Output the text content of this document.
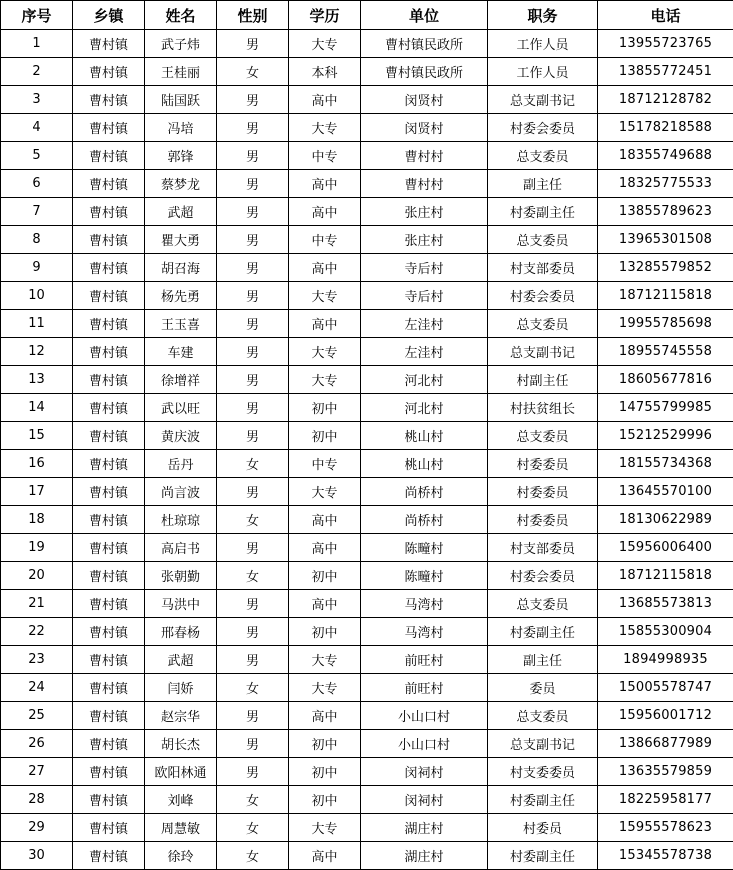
序号	乡镇	姓名	性别	学历	单位	职务	电话
1	曹村镇	武子炜	男	大专	曹村镇民政所	工作人员	13955723765
2	曹村镇	王桂丽	女	本科	曹村镇民政所	工作人员	13855772451
3	曹村镇	陆国跃	男	高中	闵贤村	总支副书记	18712128782
4	曹村镇	冯培	男	大专	闵贤村	村委会委员	15178218588
5	曹村镇	郭锋	男	中专	曹村村	总支委员	18355749688
6	曹村镇	蔡梦龙	男	高中	曹村村	副主任	18325775533
7	曹村镇	武超	男	高中	张庄村	村委副主任	13855789623
8	曹村镇	瞿大勇	男	中专	张庄村	总支委员	13965301508
9	曹村镇	胡召海	男	高中	寺后村	村支部委员	13285579852
10	曹村镇	杨先勇	男	大专	寺后村	村委会委员	18712115818
11	曹村镇	王玉喜	男	高中	左洼村	总支委员	19955785698
12	曹村镇	车建	男	大专	左洼村	总支副书记	18955745558
13	曹村镇	徐增祥	男	大专	河北村	村副主任	18605677816
14	曹村镇	武以旺	男	初中	河北村	村扶贫组长	14755799985
15	曹村镇	黄庆波	男	初中	桃山村	总支委员	15212529996
16	曹村镇	岳丹	女	中专	桃山村	村委委员	18155734368
17	曹村镇	尚言波	男	大专	尚桥村	村委委员	13645570100
18	曹村镇	杜琼琼	女	高中	尚桥村	村委委员	18130622989
19	曹村镇	高启书	男	高中	陈疃村	村支部委员	15956006400
20	曹村镇	张朝勤	女	初中	陈疃村	村委会委员	18712115818
21	曹村镇	马洪中	男	高中	马湾村	总支委员	13685573813
22	曹村镇	邢春杨	男	初中	马湾村	村委副主任	15855300904
23	曹村镇	武超	男	大专	前旺村	副主任	1894998935
24	曹村镇	闫娇	女	大专	前旺村	委员	15005578747
25	曹村镇	赵宗华	男	高中	小山口村	总支委员	15956001712
26	曹村镇	胡长杰	男	初中	小山口村	总支副书记	13866877989
27	曹村镇	欧阳林通	男	初中	闵祠村	村支委委员	13635579859
28	曹村镇	刘峰	女	初中	闵祠村	村委副主任	18225958177
29	曹村镇	周慧敏	女	大专	湖庄村	村委员	15955578623
30	曹村镇	徐玲	女	高中	湖庄村	村委副主任	15345578738
